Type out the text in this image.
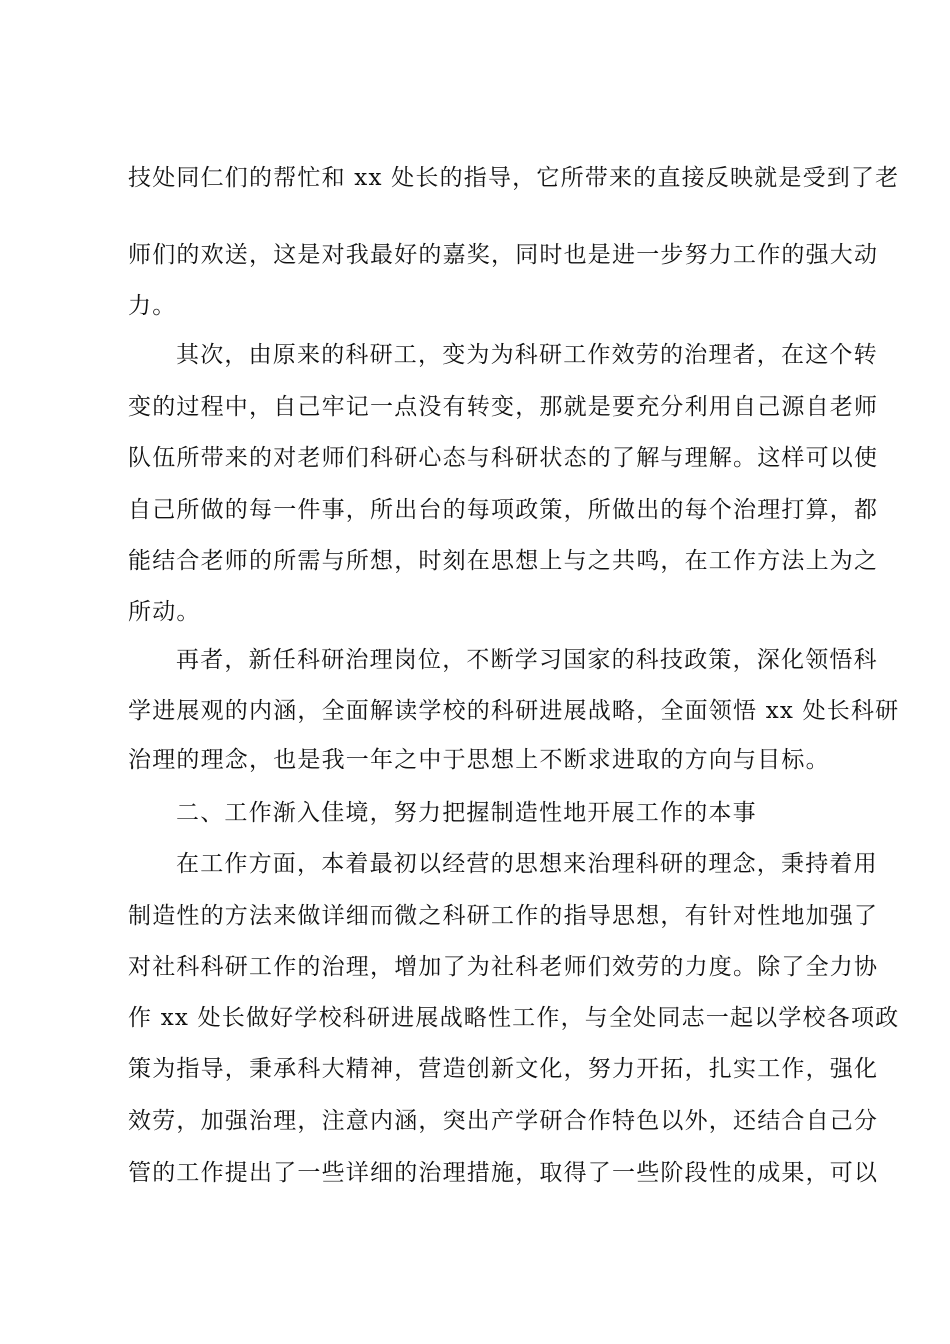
技处同仁们的帮忙和 xx 处长的指导，它所带来的直接反映就是受到了老
师们的欢送，这是对我最好的嘉奖，同时也是进一步努力工作的强大动
力。
其次，由原来的科研工，变为为科研工作效劳的治理者，在这个转
变的过程中，自己牢记一点没有转变，那就是要充分利用自己源自老师
队伍所带来的对老师们科研心态与科研状态的了解与理解。这样可以使
自己所做的每一件事，所出台的每项政策，所做出的每个治理打算，都
能结合老师的所需与所想，时刻在思想上与之共鸣，在工作方法上为之
所动。
再者，新任科研治理岗位，不断学习国家的科技政策，深化领悟科
学进展观的内涵，全面解读学校的科研进展战略，全面领悟 xx 处长科研
治理的理念，也是我一年之中于思想上不断求进取的方向与目标。
二、工作渐入佳境，努力把握制造性地开展工作的本事
在工作方面，本着最初以经营的思想来治理科研的理念，秉持着用
制造性的方法来做详细而微之科研工作的指导思想，有针对性地加强了
对社科科研工作的治理，增加了为社科老师们效劳的力度。除了全力协
作 xx 处长做好学校科研进展战略性工作，与全处同志一起以学校各项政
策为指导，秉承科大精神，营造创新文化，努力开拓，扎实工作，强化
效劳，加强治理，注意内涵，突出产学研合作特色以外，还结合自己分
管的工作提出了一些详细的治理措施，取得了一些阶段性的成果，可以
